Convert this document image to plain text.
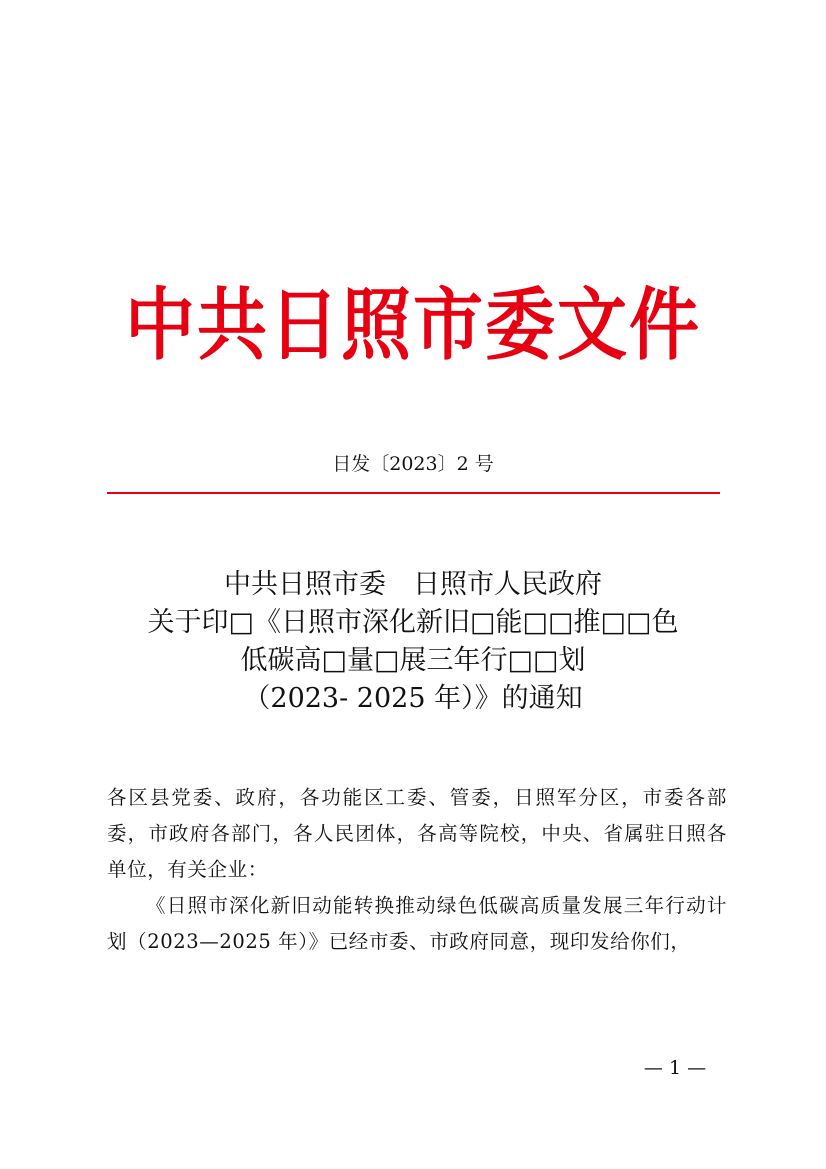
中共日照市委文件
日发〔2023〕2 号
中共日照市委　日照市人民政府
关于印□《日照市深化新旧□能□□推□□色
低碳高□量□展三年行□□划
（2023- 2025 年）》的通知

各区县党委、政府，各功能区工委、管委，日照军分区，市委各部委，市政府各部门，各人民团体，各高等院校，中央、省属驻日照各单位，有关企业：

《日照市深化新旧动能转换推动绿色低碳高质量发展三年行动计划（2023—2025 年）》已经市委、市政府同意，现印发给你们，

— 1 —
